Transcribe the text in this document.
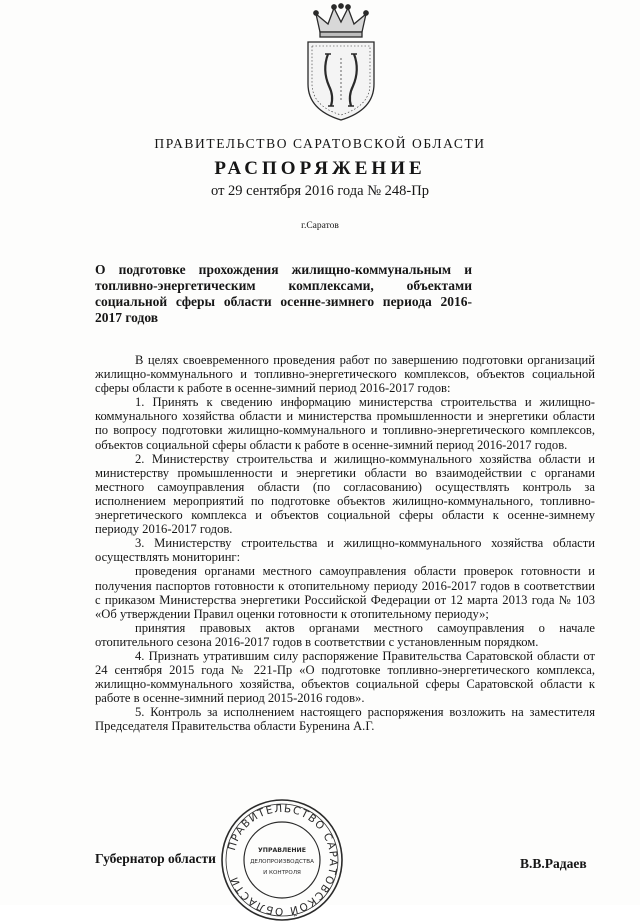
ПРАВИТЕЛЬСТВО САРАТОВСКОЙ ОБЛАСТИ
РАСПОРЯЖЕНИЕ
от 29 сентября 2016 года № 248-Пр
г.Саратов

О подготовке прохождения жилищно-коммунальным и топливно-энергетическим комплексами, объектами социальной сферы области осенне-зимнего периода 2016-2017 годов

В целях своевременного проведения работ по завершению подготовки организаций жилищно-коммунального и топливно-энергетического комплексов, объектов социальной сферы области к работе в осенне-зимний период 2016-2017 годов:

1. Принять к сведению информацию министерства строительства и жилищно-коммунального хозяйства области и министерства промышленности и энергетики области по вопросу подготовки жилищно-коммунального и топливно-энергетического комплексов, объектов социальной сферы области к работе в осенне-зимний период 2016-2017 годов.

2. Министерству строительства и жилищно-коммунального хозяйства области и министерству промышленности и энергетики области во взаимодействии с органами местного самоуправления области (по согласованию) осуществлять контроль за исполнением мероприятий по подготовке объектов жилищно-коммунального, топливно-энергетического комплекса и объектов социальной сферы области к осенне-зимнему периоду 2016-2017 годов.

3. Министерству строительства и жилищно-коммунального хозяйства области осуществлять мониторинг:

проведения органами местного самоуправления области проверок готовности и получения паспортов готовности к отопительному периоду 2016-2017 годов в соответствии с приказом Министерства энергетики Российской Федерации от 12 марта 2013 года № 103 «Об утверждении Правил оценки готовности к отопительному периоду»;

принятия правовых актов органами местного самоуправления о начале отопительного сезона 2016-2017 годов в соответствии с установленным порядком.

4. Признать утратившим силу распоряжение Правительства Саратовской области от 24 сентября 2015 года № 221-Пр «О подготовке топливно-энергетического комплекса, жилищно-коммунального хозяйства, объектов социальной сферы Саратовской области к работе в осенне-зимний период 2015-2016 годов».

5. Контроль за исполнением настоящего распоряжения возложить на заместителя Председателя Правительства области Буренина А.Г.

Губернатор области	В.В.Радаев
ПРАВИТЕЛЬСТВО САРАТОВСКОЙ ОБЛАСТИ
УПРАВЛЕНИЕ
ДЕЛОПРОИЗВОДСТВА
И КОНТРОЛЯ
